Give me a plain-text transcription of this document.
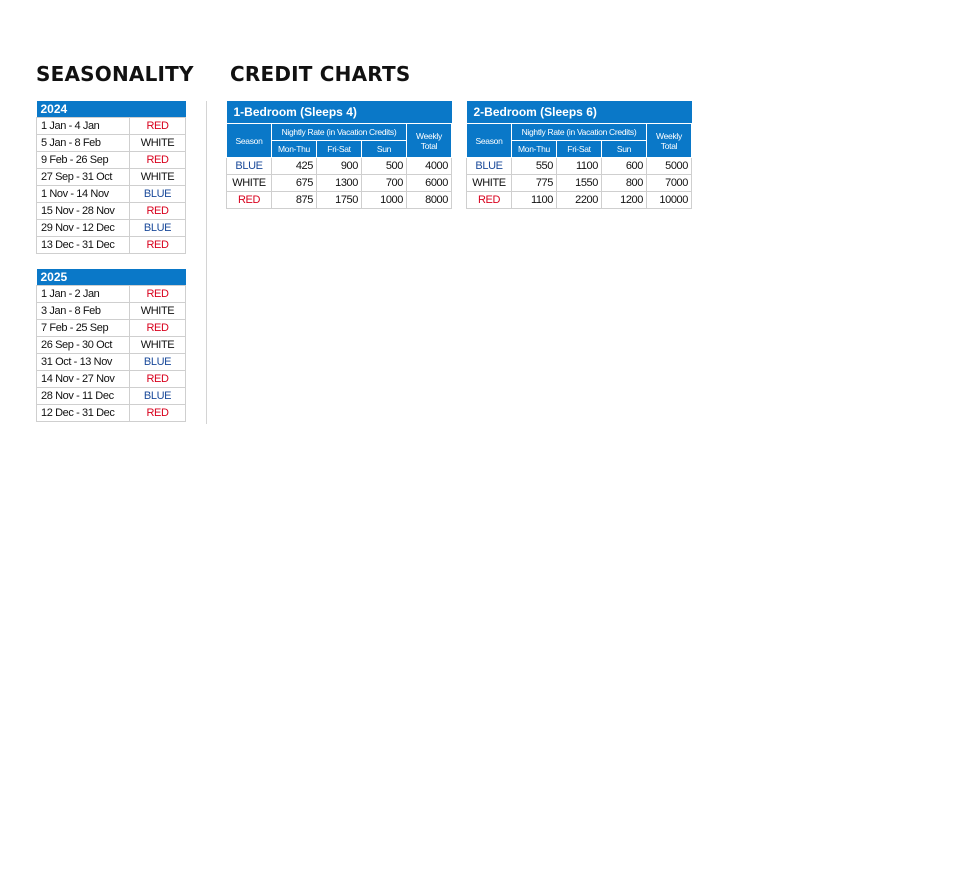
SEASONALITY CREDIT CHARTS
2024	
1 Jan - 4 Jan	RED
5 Jan - 8 Feb	WHITE
9 Feb - 26 Sep	RED
27 Sep - 31 Oct	WHITE
1 Nov - 14 Nov	BLUE
15 Nov - 28 Nov	RED
29 Nov - 12 Dec	BLUE
13 Dec - 31 Dec	RED
2025	
1 Jan - 2 Jan	RED
3 Jan - 8 Feb	WHITE
7 Feb - 25 Sep	RED
26 Sep - 30 Oct	WHITE
31 Oct - 13 Nov	BLUE
14 Nov - 27 Nov	RED
28 Nov - 11 Dec	BLUE
12 Dec - 31 Dec	RED
1-Bedroom (Sleeps 4)				
Season	Nightly Rate (in Vacation Credits)			Weekly
Total
	Mon-Thu	Fri-Sat	Sun	
BLUE	425	900	500	4000
WHITE	675	1300	700	6000
RED	875	1750	1000	8000
2-Bedroom (Sleeps 6)				
Season	Nightly Rate (in Vacation Credits)			Weekly
Total
	Mon-Thu	Fri-Sat	Sun	
BLUE	550	1100	600	5000
WHITE	775	1550	800	7000
RED	1100	2200	1200	10000
